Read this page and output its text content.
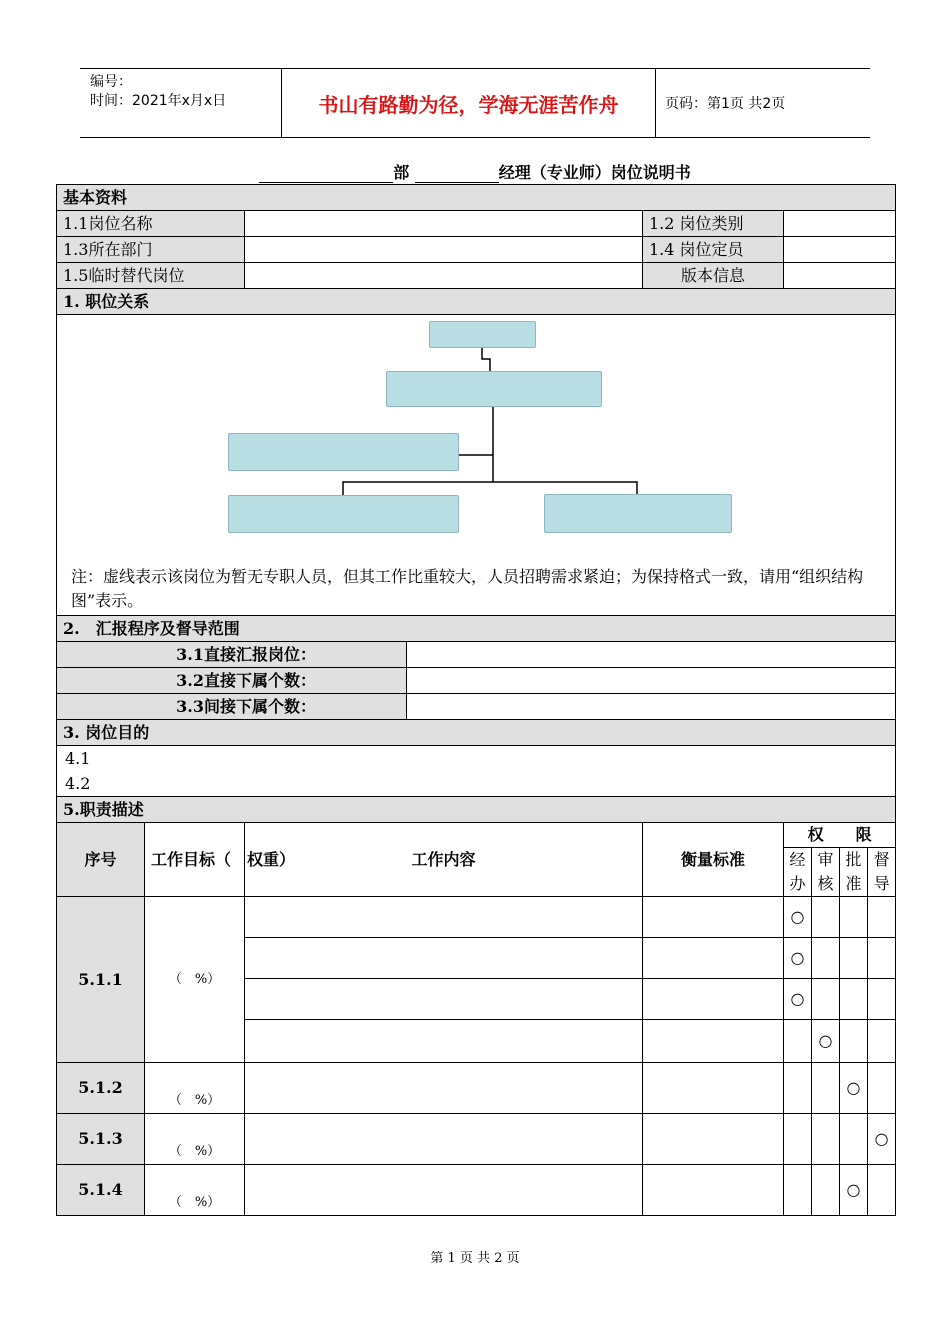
编号：
时间：2021年x月x日	书山有路勤为径，学海无涯苦作舟	页码：第1页 共2页
部	经理（专业师）岗位说明书
基本资料								
1.1岗位名称				1.2 岗位类别				
1.3所在部门				1.4 岗位定员				
1.5临时替代岗位				版本信息				
1. 职位关系								

注：虚线表示该岗位为暂无专职人员，但其工作比重较大，人员招聘需求紧迫；为保持格式一致，请用“组织结构图”表示。								

2.　汇报程序及督导范围								
3.1直接汇报岗位：								
3.2直接下属个数：								
3.3间接下属个数：								
3. 岗位目的								

4.1
4.2								

5.职责描述								
序号	工作目标（　权重）	工作内容		衡量标准	权　　限			
					经办	审核	批准	督导
5.1.1	（　%）				○			
					○			
					○			
						○		
5.1.2	（　%）						○	
5.1.3	（　%）							○
5.1.4	（　%）						○	
第 1 页 共 2 页
